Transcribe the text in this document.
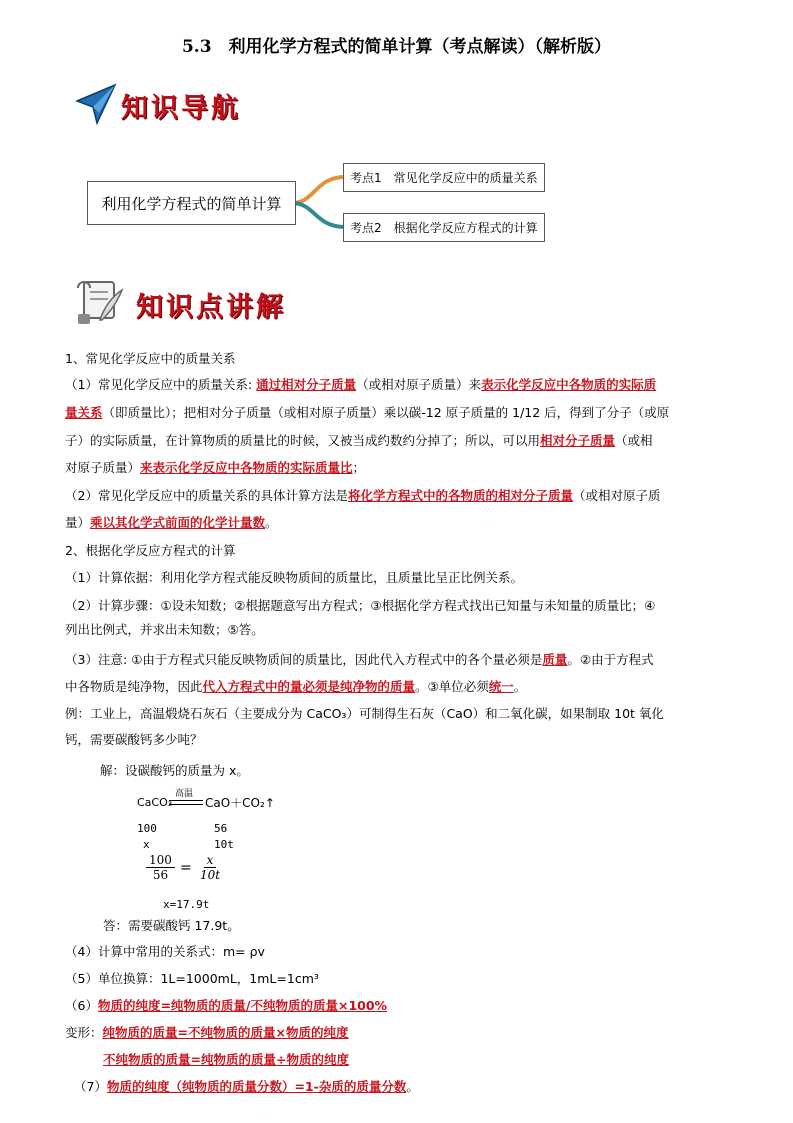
5.3　利用化学方程式的简单计算（考点解读）（解析版）
知识导航
利用化学方程式的简单计算
考点1　常见化学反应中的质量关系
考点2　根据化学反应方程式的计算
知识点讲解
1、常见化学反应中的质量关系
（1）常见化学反应中的质量关系: 通过相对分子质量（或相对原子质量）来表示化学反应中各物质的实际质
量关系（即质量比）；把相对分子质量（或相对原子质量）乘以碳-12 原子质量的 1/12 后，得到了分子（或原
子）的实际质量，在计算物质的质量比的时候，又被当成约数约分掉了；所以，可以用相对分子质量（或相
对原子质量）来表示化学反应中各物质的实际质量比；
（2）常见化学反应中的质量关系的具体计算方法是将化学方程式中的各物质的相对分子质量（或相对原子质
量）乘以其化学式前面的化学计量数。
2、根据化学反应方程式的计算
（1）计算依据：利用化学方程式能反映物质间的质量比，且质量比呈正比例关系。
（2）计算步骤：①设未知数；②根据题意写出方程式；③根据化学方程式找出已知量与未知量的质量比；④
列出比例式，并求出未知数；⑤答。
（3）注意: ①由于方程式只能反映物质间的质量比，因此代入方程式中的各个量必须是质量。②由于方程式
中各物质是纯净物，因此代入方程式中的量必须是纯净物的质量。③单位必须统一。
例：工业上，高温煅烧石灰石（主要成分为 CaCO₃）可制得生石灰（CaO）和二氧化碳，如果制取 10t 氧化
钙，需要碳酸钙多少吨？
解：设碳酸钙的质量为 x。
CaCO₃
高温
CaO＋CO₂↑
100	56
x	10t
$\frac{100}{56} = \frac{x}{10t}$
x=17.9t
答：需要碳酸钙 17.9t。
（4）计算中常用的关系式：m= ρv
（5）单位换算：1L=1000mL，1mL=1cm³
（6）物质的纯度=纯物质的质量/不纯物质的质量×100%
变形：纯物质的质量=不纯物质的质量×物质的纯度
不纯物质的质量=纯物质的质量÷物质的纯度
（7）物质的纯度（纯物质的质量分数）=1-杂质的质量分数。
